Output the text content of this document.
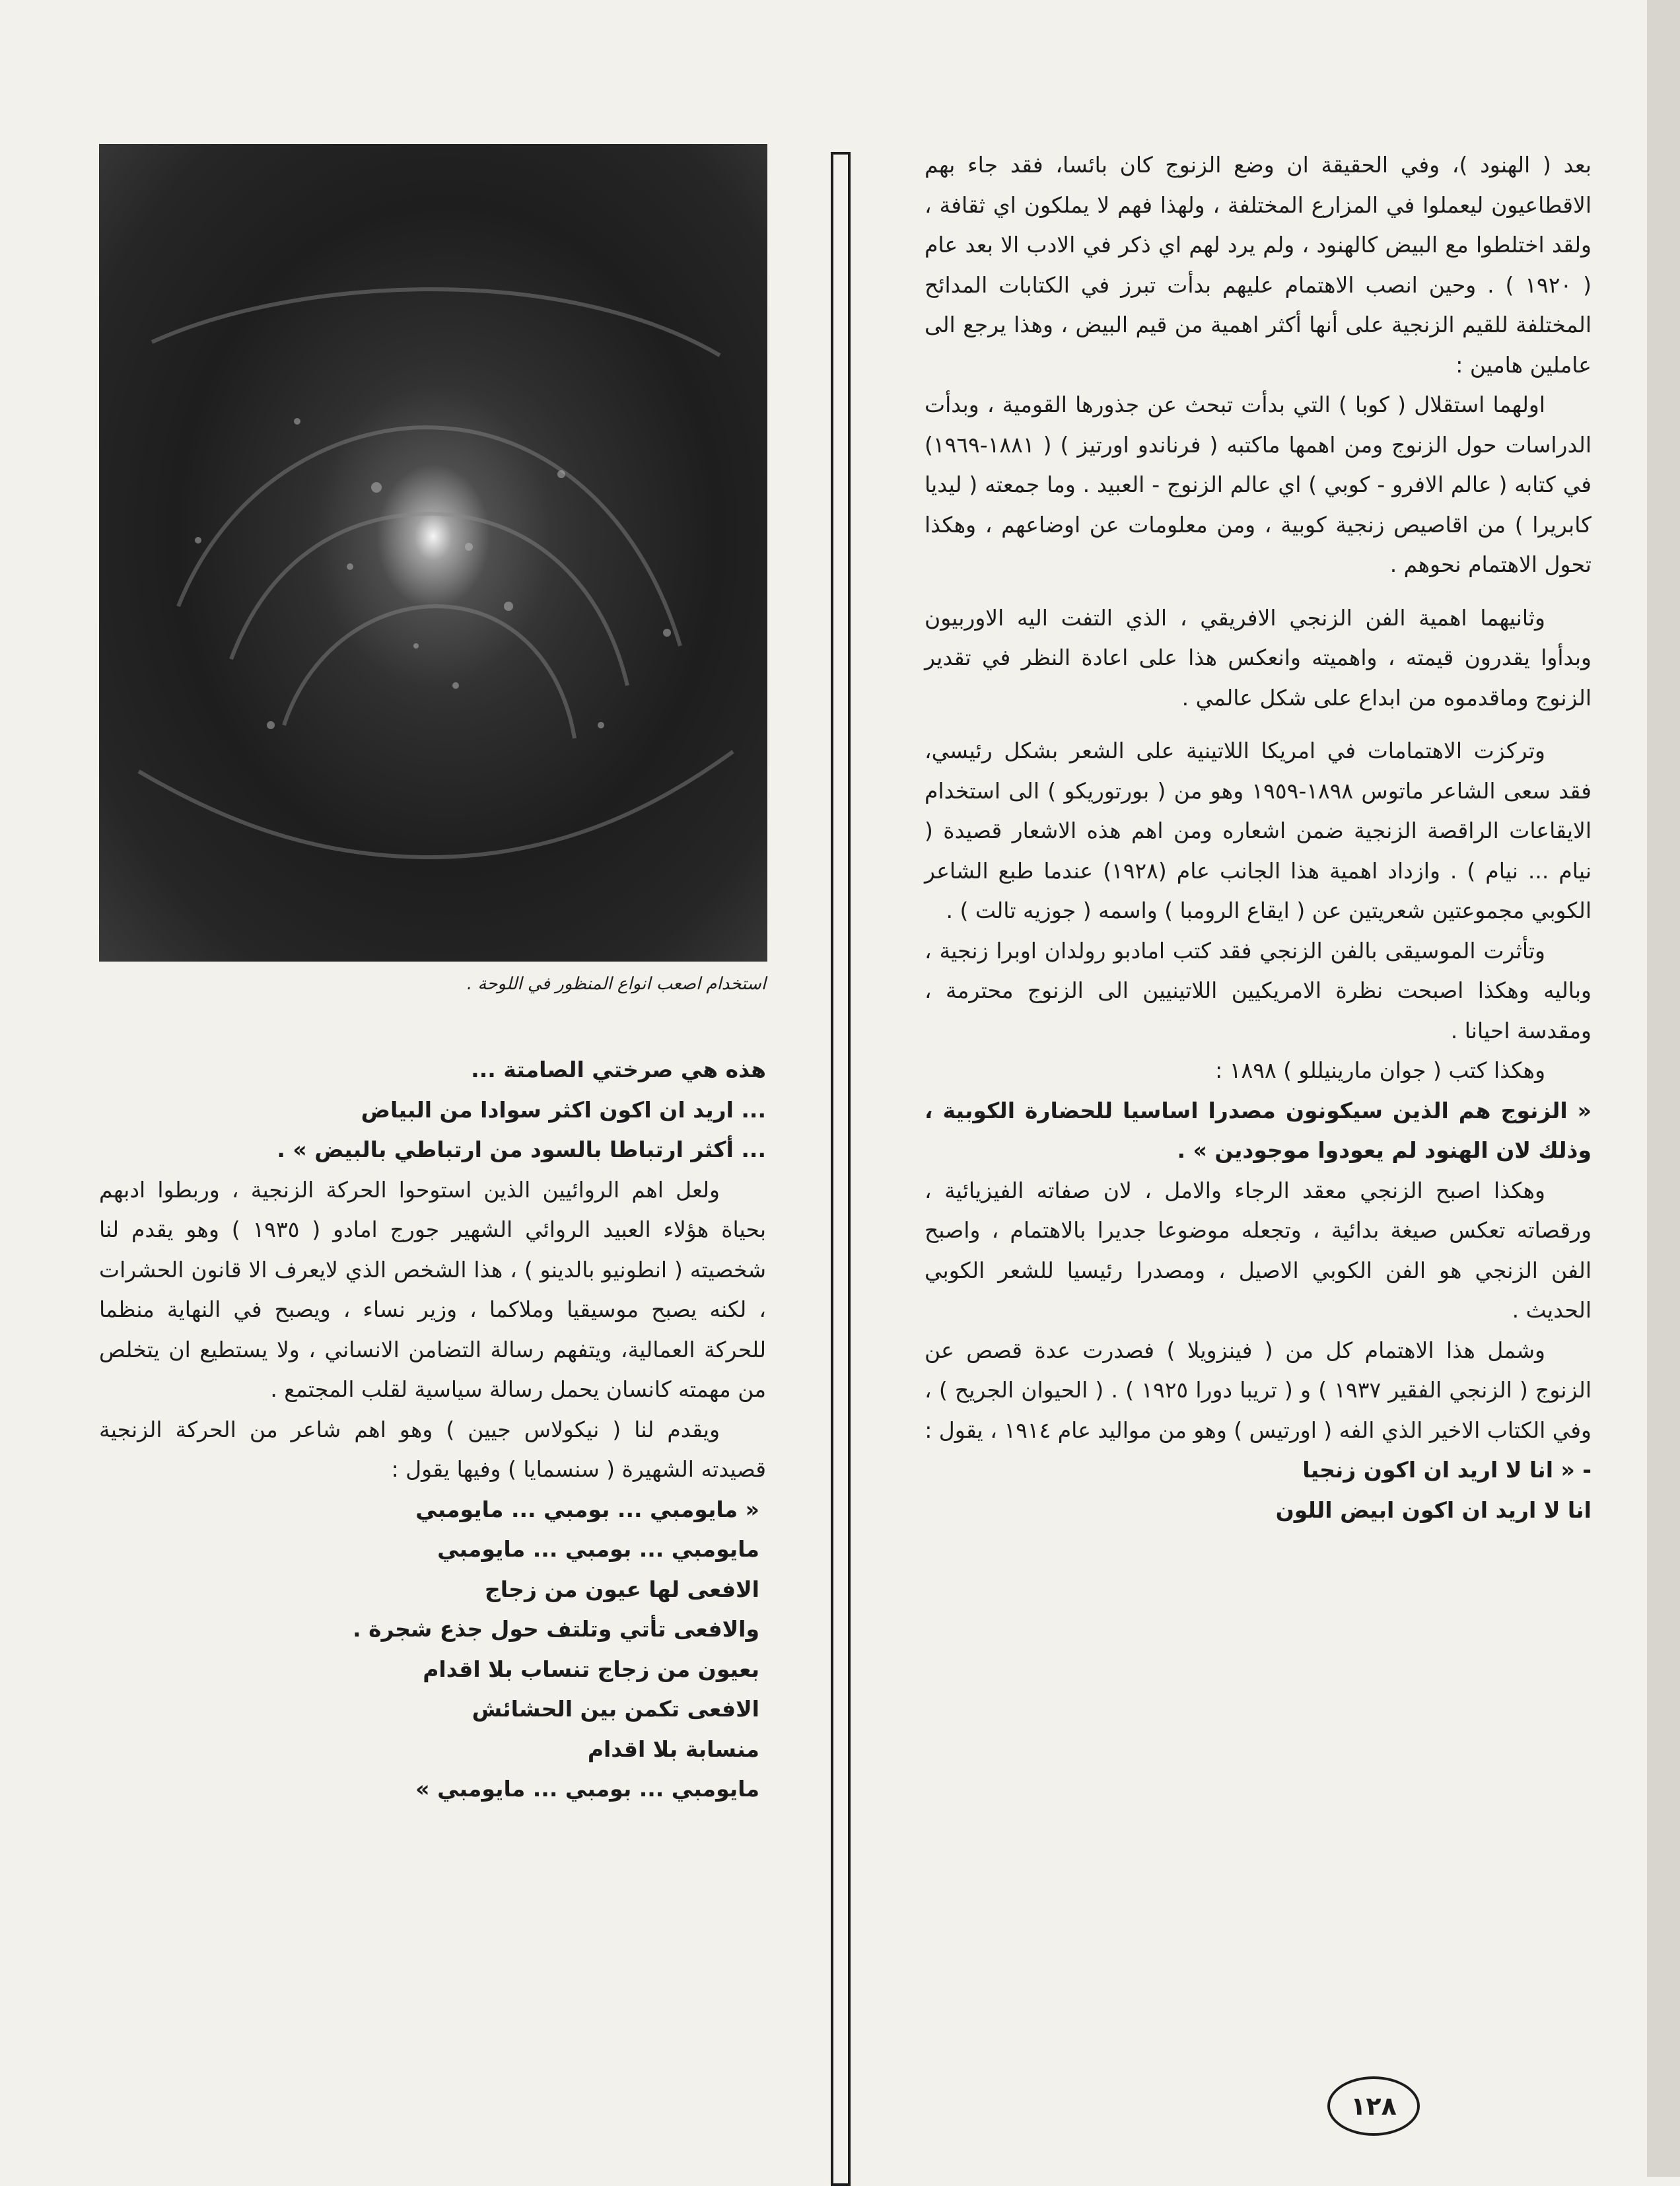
استخدام اصعب انواع المنظور في اللوحة .

بعد ( الهنود )، وفي الحقيقة ان وضع الزنوج كان بائسا، فقد جاء بهم الاقطاعيون ليعملوا في المزارع المختلفة ، ولهذا فهم لا يملكون اي ثقافة ، ولقد اختلطوا مع البيض كالهنود ، ولم يرد لهم اي ذكر في الادب الا بعد عام ( ١٩٢٠ ) . وحين انصب الاهتمام عليهم بدأت تبرز في الكتابات المدائح المختلفة للقيم الزنجية على أنها أكثر اهمية من قيم البيض ، وهذا يرجع الى عاملين هامين :

اولهما استقلال ( كوبا ) التي بدأت تبحث عن جذورها القومية ، وبدأت الدراسات حول الزنوج ومن اهمها ماكتبه ( فرناندو اورتيز ) ( ١٨٨١-١٩٦٩) في كتابه ( عالم الافرو - كوبي ) اي عالم الزنوج - العبيد . وما جمعته ( ليديا كابريرا ) من اقاصيص زنجية كوبية ، ومن معلومات عن اوضاعهم ، وهكذا تحول الاهتمام نحوهم .

وثانيهما اهمية الفن الزنجي الافريقي ، الذي التفت اليه الاوربيون وبدأوا يقدرون قيمته ، واهميته وانعكس هذا على اعادة النظر في تقدير الزنوج وماقدموه من ابداع على شكل عالمي .

وتركزت الاهتمامات في امريكا اللاتينية على الشعر بشكل رئيسي، فقد سعى الشاعر ماتوس ١٨٩٨-١٩٥٩ وهو من ( بورتوريكو ) الى استخدام الايقاعات الراقصة الزنجية ضمن اشعاره ومن اهم هذه الاشعار قصيدة ( نيام ... نيام ) . وازداد اهمية هذا الجانب عام (١٩٢٨) عندما طبع الشاعر الكوبي مجموعتين شعريتين عن ( ايقاع الرومبا ) واسمه ( جوزيه تالت ) .

وتأثرت الموسيقى بالفن الزنجي فقد كتب امادبو رولدان اوبرا زنجية ، وباليه وهكذا اصبحت نظرة الامريكيين اللاتينيين الى الزنوج محترمة ، ومقدسة احيانا .

وهكذا كتب ( جوان مارينيللو ) ١٨٩٨ :

« الزنوج هم الذين سيكونون مصدرا اساسيا للحضارة الكوبية ، وذلك لان الهنود لم يعودوا موجودين » .

وهكذا اصبح الزنجي معقد الرجاء والامل ، لان صفاته الفيزيائية ، ورقصاته تعكس صيغة بدائية ، وتجعله موضوعا جديرا بالاهتمام ، واصبح الفن الزنجي هو الفن الكوبي الاصيل ، ومصدرا رئيسيا للشعر الكوبي الحديث .

وشمل هذا الاهتمام كل من ( فينزويلا ) فصدرت عدة قصص عن الزنوج ( الزنجي الفقير ١٩٣٧ ) و ( تريبا دورا ١٩٢٥ ) . ( الحيوان الجريح ) ، وفي الكتاب الاخير الذي الفه ( اورتيس ) وهو من مواليد عام ١٩١٤ ، يقول :

- « انا لا اريد ان اكون زنجيا

انا لا اريد ان اكون ابيض اللون

هذه هي صرختي الصامتة ...

... اريد ان اكون اكثر سوادا من البياض

... أكثر ارتباطا بالسود من ارتباطي بالبيض » .

ولعل اهم الروائيين الذين استوحوا الحركة الزنجية ، وربطوا ادبهم بحياة هؤلاء العبيد الروائي الشهير جورج امادو ( ١٩٣٥ ) وهو يقدم لنا شخصيته ( انطونيو بالدينو ) ، هذا الشخص الذي لايعرف الا قانون الحشرات ، لكنه يصبح موسيقيا وملاكما ، وزير نساء ، ويصبح في النهاية منظما للحركة العمالية، ويتفهم رسالة التضامن الانساني ، ولا يستطيع ان يتخلص من مهمته كانسان يحمل رسالة سياسية لقلب المجتمع .

ويقدم لنا ( نيكولاس جيين ) وهو اهم شاعر من الحركة الزنجية قصيدته الشهيرة ( سنسمايا ) وفيها يقول :

« مايومبي ... بومبي ... مايومبي

مايومبي ... بومبي ... مايومبي

الافعى لها عيون من زجاج

والافعى تأتي وتلتف حول جذع شجرة .

بعيون من زجاج تنساب بلا اقدام

الافعى تكمن بين الحشائش

منسابة بلا اقدام

مايومبي ... بومبي ... مايومبي »

١٢٨
